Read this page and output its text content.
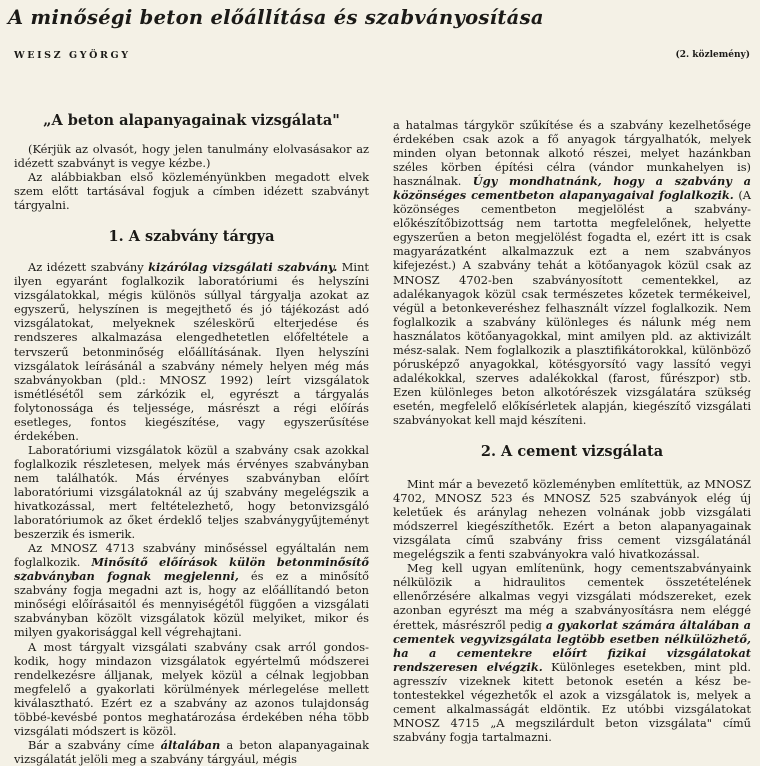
A minőségi beton előállítása és szabványosítása
WEISZ GYÖRGY	(2. közlemény)
„A beton alapanyagainak vizsgálata"

(Kérjük az olvasót, hogy jelen tanulmány elolvasásakor az idézett szabványt is vegye kézbe.)

Az alábbiakban első közleményünkben megadott elvek szem előtt tartásával fogjuk a címben idézett szabványt tárgyalni.

1. A szabvány tárgya

Az idézett szabvány kizárólag vizsgálati szabvány. Mint ilyen egyaránt foglalkozik laboratóriumi és helyszíni vizsgálatokkal, mégis különös súllyal tárgyalja azokat az egyszerű, helyszínen is megejthető és jó tájékozást adó vizsgálatokat, melyeknek széleskörű elterjedése és rendszeres alkalmazása elengedhetetlen előfeltétele a tervszerű betonminőség előállításának. Ilyen helyszíni vizsgálatok leírásánál a szabvány némely helyen még más szabványokban (pld.: MNOSZ 1992) leírt vizsgálatok ismétlésétől sem zárkózik el, egyrészt a tárgyalás folytonossága és teljessége, másrészt a régi előírás esetleges, fontos kiegészítése, vagy egyszerűsítése érdekében.

Laboratóriumi vizsgálatok közül a szabvány csak azokkal foglalkozik részletesen, melyek más érvényes szabványban nem találhatók. Más érvényes szabványban előírt laboratóriumi vizsgálatoknál az új szabvány megelégszik a hivatkozással, mert feltételezhető, hogy betonvizsgáló laboratóriumok az őket érdeklő teljes szabványgyűjteményt beszerzik és ismerik.

Az MNOSZ 4713 szabvány minőséssel egyáltalán nem foglalkozik. Minősítő előírások külön betonminősítő szabványban fognak megjelenni, és ez a minősítő szabvány fogja megadni azt is, hogy az előállítandó beton minőségi előírásaitól és mennyiségétől függően a vizsgálati szabványban közölt vizsgálatok közül melyiket, mikor és milyen gyakorisággal kell végrehajtani.

A most tárgyalt vizsgálati szabvány csak arról gondoskodik, hogy mindazon vizsgálatok egyértelmű módszerei rendelkezésre álljanak, melyek közül a célnak legjobban megfelelő a gyakorlati körülmények mérlegelése mellett kiválasztható. Ezért ez a szabvány az azonos tulajdonság többé-kevésbé pontos meghatározása érdekében néha több vizsgálati módszert is közöl.

Bár a szabvány címe általában a beton alapanyagainak vizsgálatát jelöli meg a szabvány tárgyául, mégis

a hatalmas tárgykör szűkítése és a szabvány kezelhetősége érdekében csak azok a fő anyagok tárgyalhatók, melyek minden olyan betonnak alkotó részei, melyet hazánkban széles körben építési célra (vándor munkahelyen is) használnak. Úgy mondhatnánk, hogy a szabvány a közönséges cementbeton alapanyagaival foglalkozik. (A közönséges cementbeton megjelölést a szabványelőkészítőbizottság nem tartotta megfelelőnek, helyette egyszerűen a beton megjelölést fogadta el, ezért itt is csak magyarázatként alkalmazzuk ezt a nem szabványos kifejezést.) A szabvány tehát a kötőanyagok közül csak az MNOSZ 4702-ben szabványosított cementekkel, az adalékanyagok közül csak természetes kőzetek termékeivel, végül a betonkeveréshez felhasznált vízzel foglalkozik. Nem foglalkozik a szabvány különleges és nálunk még nem használatos kötőanyagokkal, mint amilyen pld. az aktivizált mész-salak. Nem foglalkozik a plasztifikátorokkal, különböző pórusképző anyagokkal, kötésgyorsító vagy lassító vegyi adalékokkal, szerves adalékokkal (farost, fűrészpor) stb. Ezen különleges beton alkotórészek vizsgálatára szükség esetén, megfelelő előkísérletek alapján, kiegészítő vizsgálati szabványokat kell majd készíteni.

2. A cement vizsgálata

Mint már a bevezető közleményben említettük, az MNOSZ 4702, MNOSZ 523 és MNOSZ 525 szabványok elég új keletűek és aránylag nehezen volnának jobb vizsgálati módszerrel kiegészíthetők. Ezért a beton alapanyagainak vizsgálata című szabvány friss cement vizsgálatánál megelégszik a fenti szabványokra való hivatkozással.

Meg kell ugyan említenünk, hogy cementszabványaink nélkülözik a hidraulitos cementek összetételének ellenőrzésére alkalmas vegyi vizsgálati módszereket, ezek azonban egyrészt ma még a szabványosításra nem eléggé érettek, másrészről pedig a gyakorlat számára általában a cementek vegyvizsgálata legtöbb esetben nélkülözhető, ha a cementekre előírt fizikai vizsgálatokat rendszeresen elvégzik. Különleges esetekben, mint pld. agresszív vizeknek kitett betonok esetén a kész betontestekkel végezhetők el azok a vizsgálatok is, melyek a cement alkalmasságát eldöntik. Ez utóbbi vizsgálatokat MNOSZ 4715 „A megszilárdult beton vizsgálata" című szabvány fogja tartalmazni.
